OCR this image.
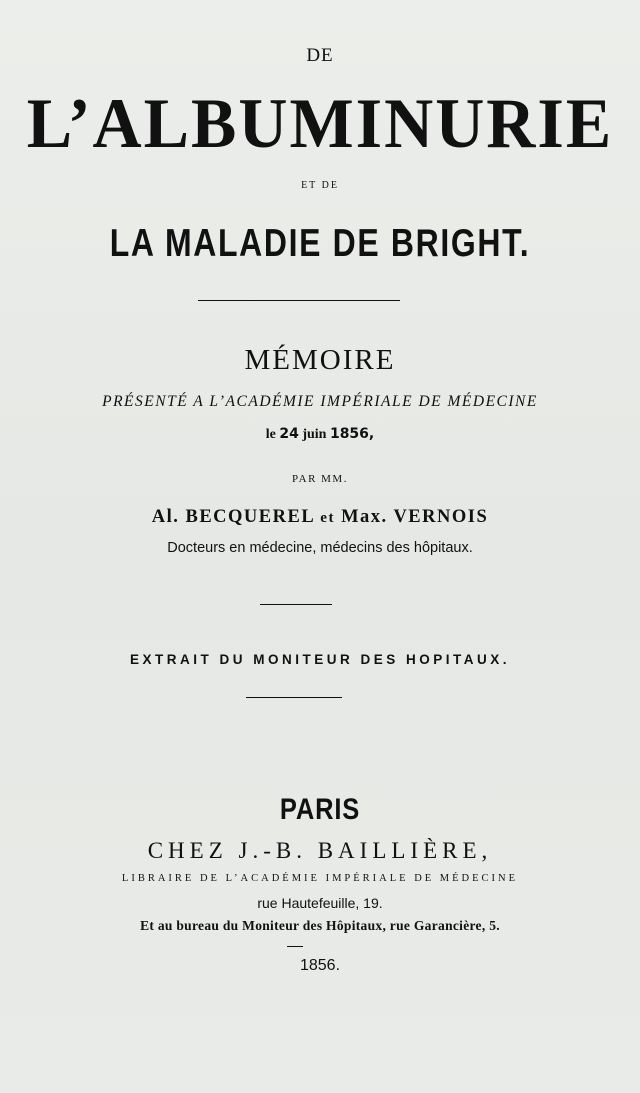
DE
L’ALBUMINURIE
ET DE
LA MALADIE DE BRIGHT.
MÉMOIRE
PRÉSENTÉ A L’ACADÉMIE IMPÉRIALE DE MÉDECINE
le 24 juin 1856,
PAR MM.
Al. BECQUEREL et Max. VERNOIS
Docteurs en médecine, médecins des hôpitaux.
EXTRAIT DU MONITEUR DES HOPITAUX.
PARIS
CHEZ J.-B. BAILLIÈRE,
LIBRAIRE DE L’ACADÉMIE IMPÉRIALE DE MÉDECINE
rue Hautefeuille, 19.
Et au bureau du Moniteur des Hôpitaux, rue Garancière, 5.
1856.
